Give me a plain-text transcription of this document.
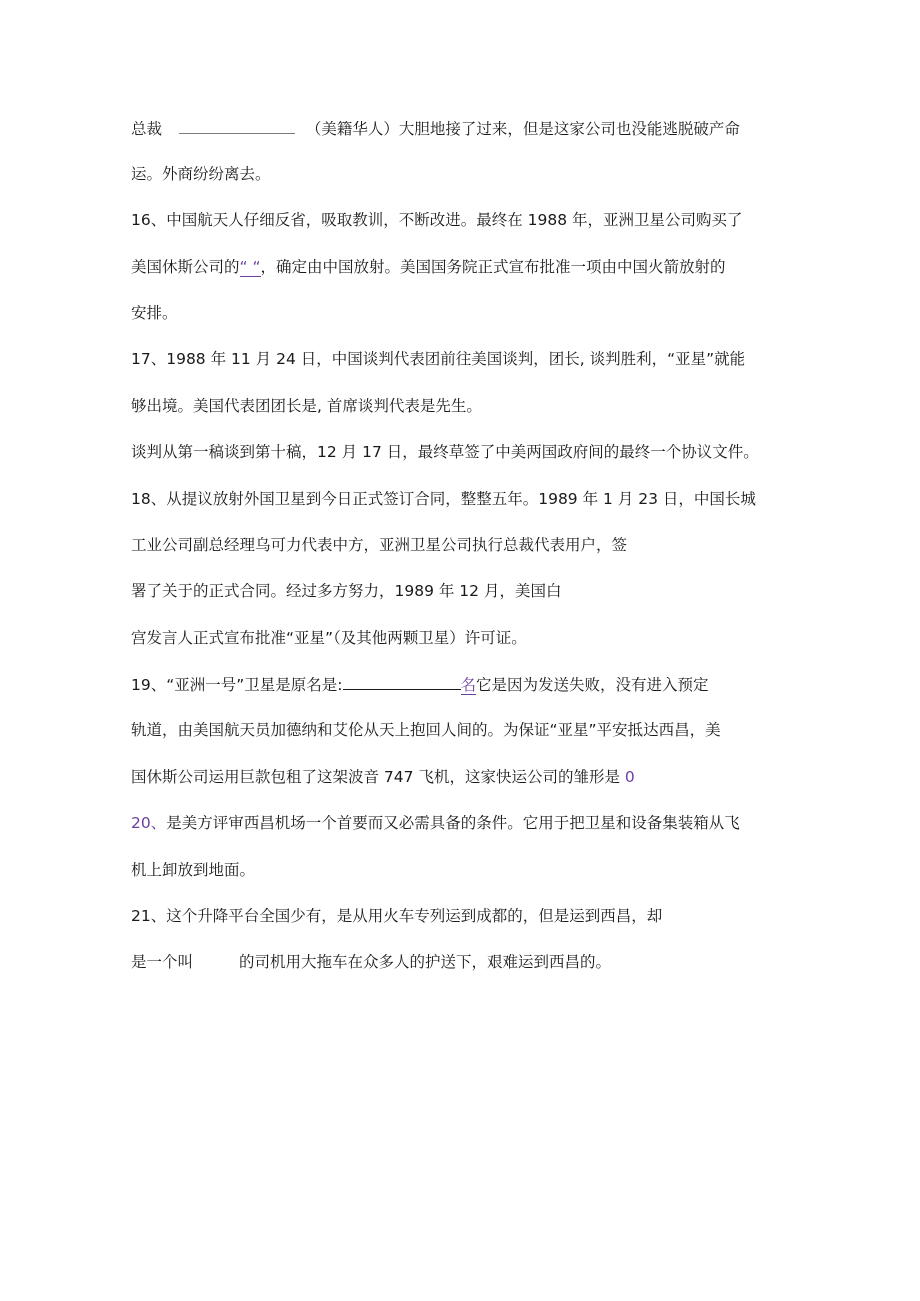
总裁	（美籍华人）大胆地接了过来，但是这家公司也没能逃脱破产命
运。外商纷纷离去。
16、中国航天人仔细反省，吸取教训，不断改进。最终在 1988 年，亚洲卫星公司购买了
美国休斯公司的“ “，确定由中国放射。美国国务院正式宣布批准一项由中国火箭放射的
安排。
17、1988 年 11 月 24 日，中国谈判代表团前往美国谈判，团长, 谈判胜利，“亚星”就能
够出境。美国代表团团长是, 首席谈判代表是先生。
谈判从第一稿谈到第十稿，12 月 17 日，最终草签了中美两国政府间的最终一个协议文件。
18、从提议放射外国卫星到今日正式签订合同，整整五年。1989 年 1 月 23 日，中国长城
工业公司副总经理乌可力代表中方，亚洲卫星公司执行总裁代表用户，签
署了关于的正式合同。经过多方努力，1989 年 12 月，美国白
宫发言人正式宣布批准“亚星”（及其他两颗卫星）许可证。
19、“亚洲一号”卫星是原名是:	名它是因为发送失败，没有进入预定
轨道，由美国航天员加德纳和艾伦从天上抱回人间的。为保证“亚星”平安抵达西昌，美
国休斯公司运用巨款包租了这架波音 747 飞机，这家快运公司的雏形是 0
20、是美方评审西昌机场一个首要而又必需具备的条件。它用于把卫星和设备集装箱从飞
机上卸放到地面。
21、这个升降平台全国少有，是从用火车专列运到成都的，但是运到西昌，却
是一个叫	的司机用大拖车在众多人的护送下，艰难运到西昌的。
